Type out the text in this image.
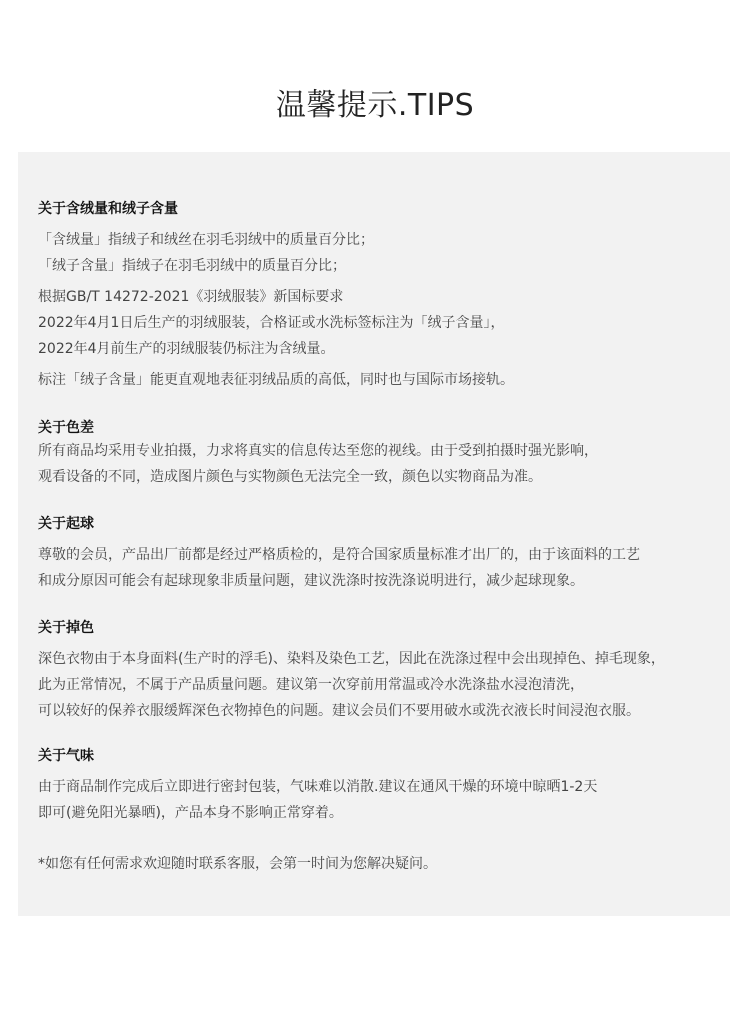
温馨提示.TIPS

关于含绒量和绒子含量

「含绒量」指绒子和绒丝在羽毛羽绒中的质量百分比；

「绒子含量」指绒子在羽毛羽绒中的质量百分比；

根据GB/T 14272-2021《羽绒服装》新国标要求

2022年4月1日后生产的羽绒服装，合格证或水洗标签标注为「绒子含量」，

2022年4月前生产的羽绒服装仍标注为含绒量。

标注「绒子含量」能更直观地表征羽绒品质的高低，同时也与国际市场接轨。

关于色差

所有商品均采用专业拍摄，力求将真实的信息传达至您的视线。由于受到拍摄时强光影响，

观看设备的不同，造成图片颜色与实物颜色无法完全一致，颜色以实物商品为准。

关于起球

尊敬的会员，产品出厂前都是经过严格质检的，是符合国家质量标准才出厂的，由于该面料的工艺

和成分原因可能会有起球现象非质量问题，建议洗涤时按洗涤说明进行，减少起球现象。

关于掉色

深色衣物由于本身面料(生产时的浮毛)、染料及染色工艺，因此在洗涤过程中会出现掉色、掉毛现象，

此为正常情况，不属于产品质量问题。建议第一次穿前用常温或冷水洗涤盐水浸泡清洗，

可以较好的保养衣服缓辉深色衣物掉色的问题。建议会员们不要用破水或洗衣液长时间浸泡衣服。

关于气味

由于商品制作完成后立即进行密封包装，气味难以消散.建议在通风干燥的环境中晾晒1-2天

即可(避免阳光暴晒)，产品本身不影响正常穿着。

*如您有任何需求欢迎随时联系客服，会第一时间为您解决疑问。
